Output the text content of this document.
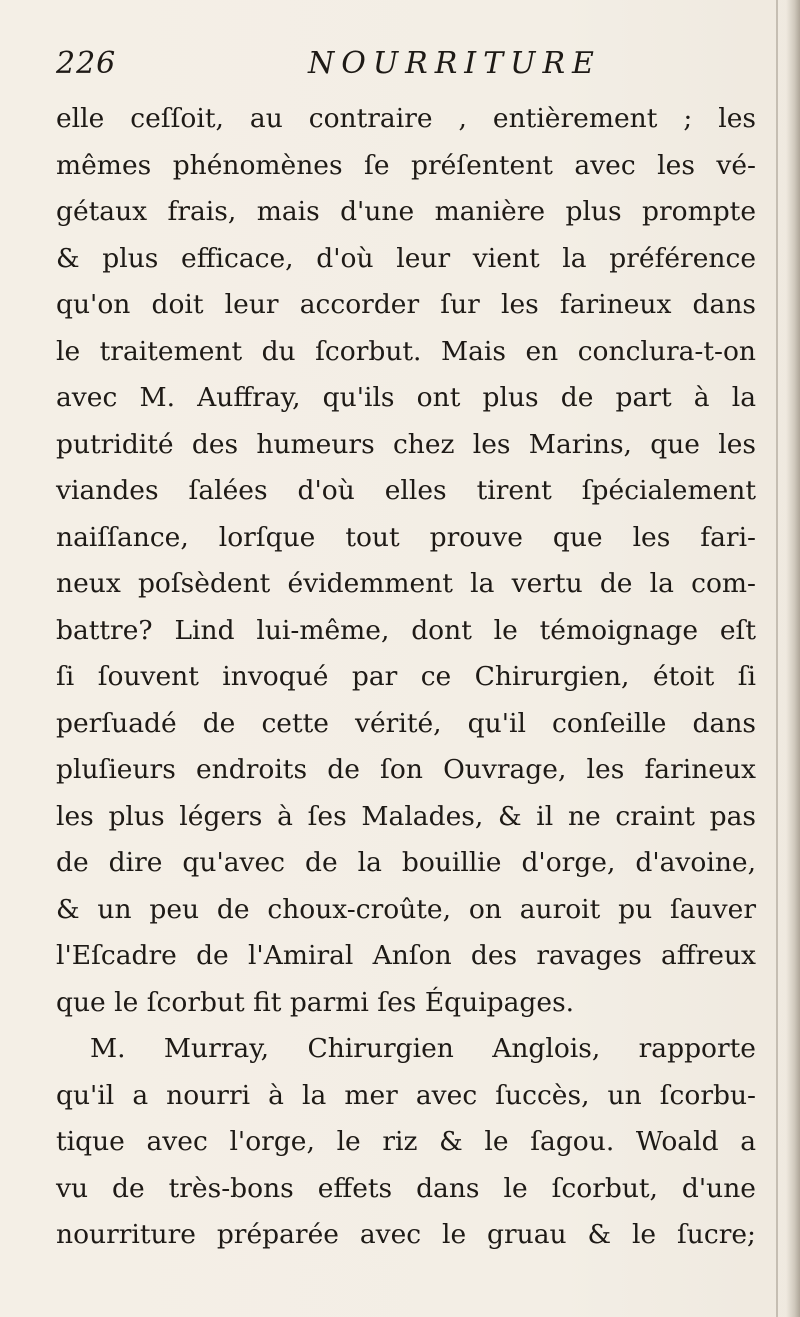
226	NOURRITURE
elle ceſſoit, au contraire , entièrement ; les
mêmes phénomènes ſe préſentent avec les vé-
gétaux frais, mais d'une manière plus prompte
& plus efficace, d'où leur vient la préférence
qu'on doit leur accorder ſur les farineux dans
le traitement du ſcorbut. Mais en conclura-t-on
avec M. Auffray, qu'ils ont plus de part à la
putridité des humeurs chez les Marins, que les
viandes ſalées d'où elles tirent ſpécialement
naiſſance, lorſque tout prouve que les fari-
neux poſsèdent évidemment la vertu de la com-
battre? Lind lui-même, dont le témoignage eſt
ſi ſouvent invoqué par ce Chirurgien, étoit ſi
perſuadé de cette vérité, qu'il conſeille dans
pluſieurs endroits de ſon Ouvrage, les farineux
les plus légers à ſes Malades, & il ne craint pas
de dire qu'avec de la bouillie d'orge, d'avoine,
& un peu de choux-croûte, on auroit pu ſauver
l'Eſcadre de l'Amiral Anſon des ravages affreux
que le ſcorbut fit parmi ſes Équipages.
M. Murray, Chirurgien Anglois, rapporte
qu'il a nourri à la mer avec ſuccès, un ſcorbu-
tique avec l'orge, le riz & le ſagou. Woald a
vu de très-bons effets dans le ſcorbut, d'une
nourriture préparée avec le gruau & le ſucre;
